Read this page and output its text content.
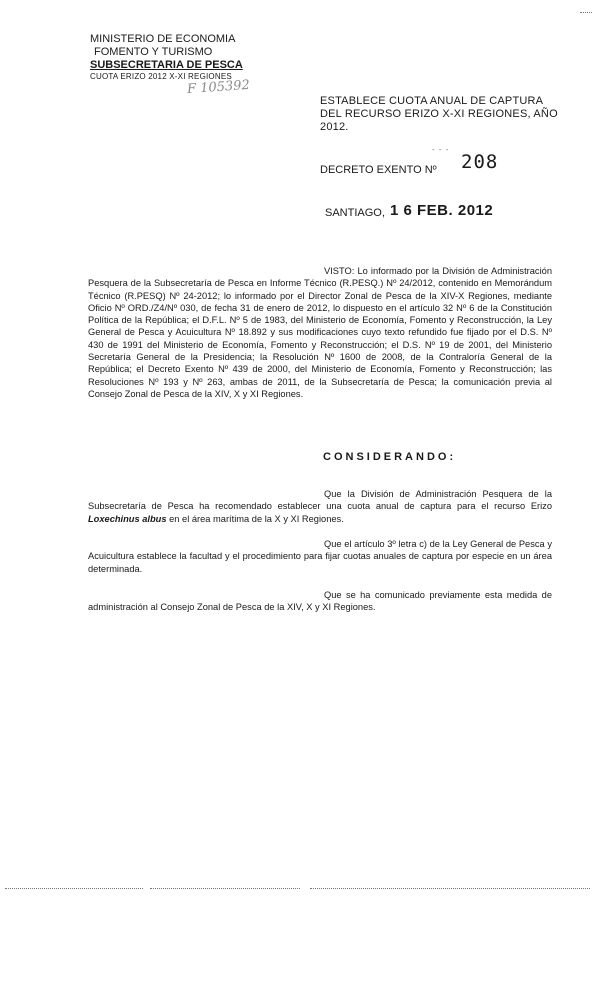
MINISTERIO DE ECONOMIA
FOMENTO Y TURISMO
SUBSECRETARIA DE PESCA
CUOTA ERIZO 2012 X-XI REGIONES
F 105392
ESTABLECE CUOTA ANUAL DE CAPTURA DEL RECURSO ERIZO X-XI REGIONES, AÑO 2012.
- - -
DECRETO EXENTO Nº 208
SANTIAGO, 1 6 FEB. 2012
VISTO: Lo informado por la División de Administración Pesquera de la Subsecretaría de Pesca en Informe Técnico (R.PESQ.) Nº 24/2012, contenido en Memorándum Técnico (R.PESQ) Nº 24-2012; lo informado por el Director Zonal de Pesca de la XIV-X Regiones, mediante Oficio Nº ORD./Z4/Nº 030, de fecha 31 de enero de 2012, lo dispuesto en el artículo 32 Nº 6 de la Constitución Política de la República; el D.F.L. Nº 5 de 1983, del Ministerio de Economía, Fomento y Reconstrucción, la Ley General de Pesca y Acuicultura Nº 18.892 y sus modificaciones cuyo texto refundido fue fijado por el D.S. Nº 430 de 1991 del Ministerio de Economía, Fomento y Reconstrucción; el D.S. Nº 19 de 2001, del Ministerio Secretaría General de la Presidencia; la Resolución Nº 1600 de 2008, de la Contraloría General de la República; el Decreto Exento Nº 439 de 2000, del Ministerio de Economía, Fomento y Reconstrucción; las Resoluciones Nº 193 y Nº 263, ambas de 2011, de la Subsecretaría de Pesca; la comunicación previa al Consejo Zonal de Pesca de la XIV, X y XI Regiones.
CONSIDERANDO:
Que la División de Administración Pesquera de la Subsecretaría de Pesca ha recomendado establecer una cuota anual de captura para el recurso Erizo Loxechinus albus en el área marítima de la X y XI Regiones.
Que el artículo 3º letra c) de la Ley General de Pesca y Acuicultura establece la facultad y el procedimiento para fijar cuotas anuales de captura por especie en un área determinada.
Que se ha comunicado previamente esta medida de administración al Consejo Zonal de Pesca de la XIV, X y XI Regiones.
